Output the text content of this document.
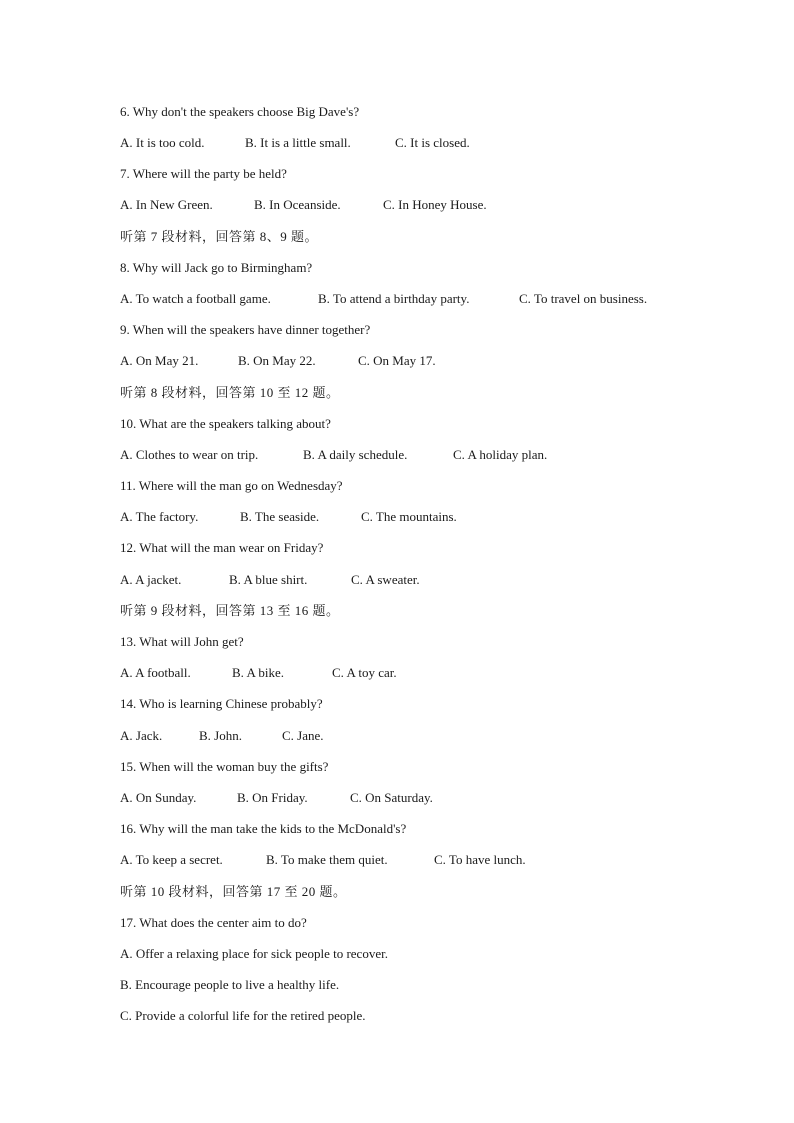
6. Why don't the speakers choose Big Dave's?
A. It is too cold.	B. It is a little small.	C. It is closed.
7. Where will the party be held?
A. In New Green.	B. In Oceanside.	C. In Honey House.
听第 7 段材料，回答第 8、9 题。
8. Why will Jack go to Birmingham?
A. To watch a football game.	B. To attend a birthday party.	C. To travel on business.
9. When will the speakers have dinner together?
A. On May 21.	B. On May 22.	C. On May 17.
听第 8 段材料，回答第 10 至 12 题。
10. What are the speakers talking about?
A. Clothes to wear on trip.	B. A daily schedule.	C. A holiday plan.
11. Where will the man go on Wednesday?
A. The factory.	B. The seaside.	C. The mountains.
12. What will the man wear on Friday?
A. A jacket.	B. A blue shirt.	C. A sweater.
听第 9 段材料，回答第 13 至 16 题。
13. What will John get?
A. A football.	B. A bike.	C. A toy car.
14. Who is learning Chinese probably?
A. Jack.	B. John.	C. Jane.
15. When will the woman buy the gifts?
A. On Sunday.	B. On Friday.	C. On Saturday.
16. Why will the man take the kids to the McDonald's?
A. To keep a secret.	B. To make them quiet.	C. To have lunch.
听第 10 段材料，回答第 17 至 20 题。
17. What does the center aim to do?
A. Offer a relaxing place for sick people to recover.
B. Encourage people to live a healthy life.
C. Provide a colorful life for the retired people.
